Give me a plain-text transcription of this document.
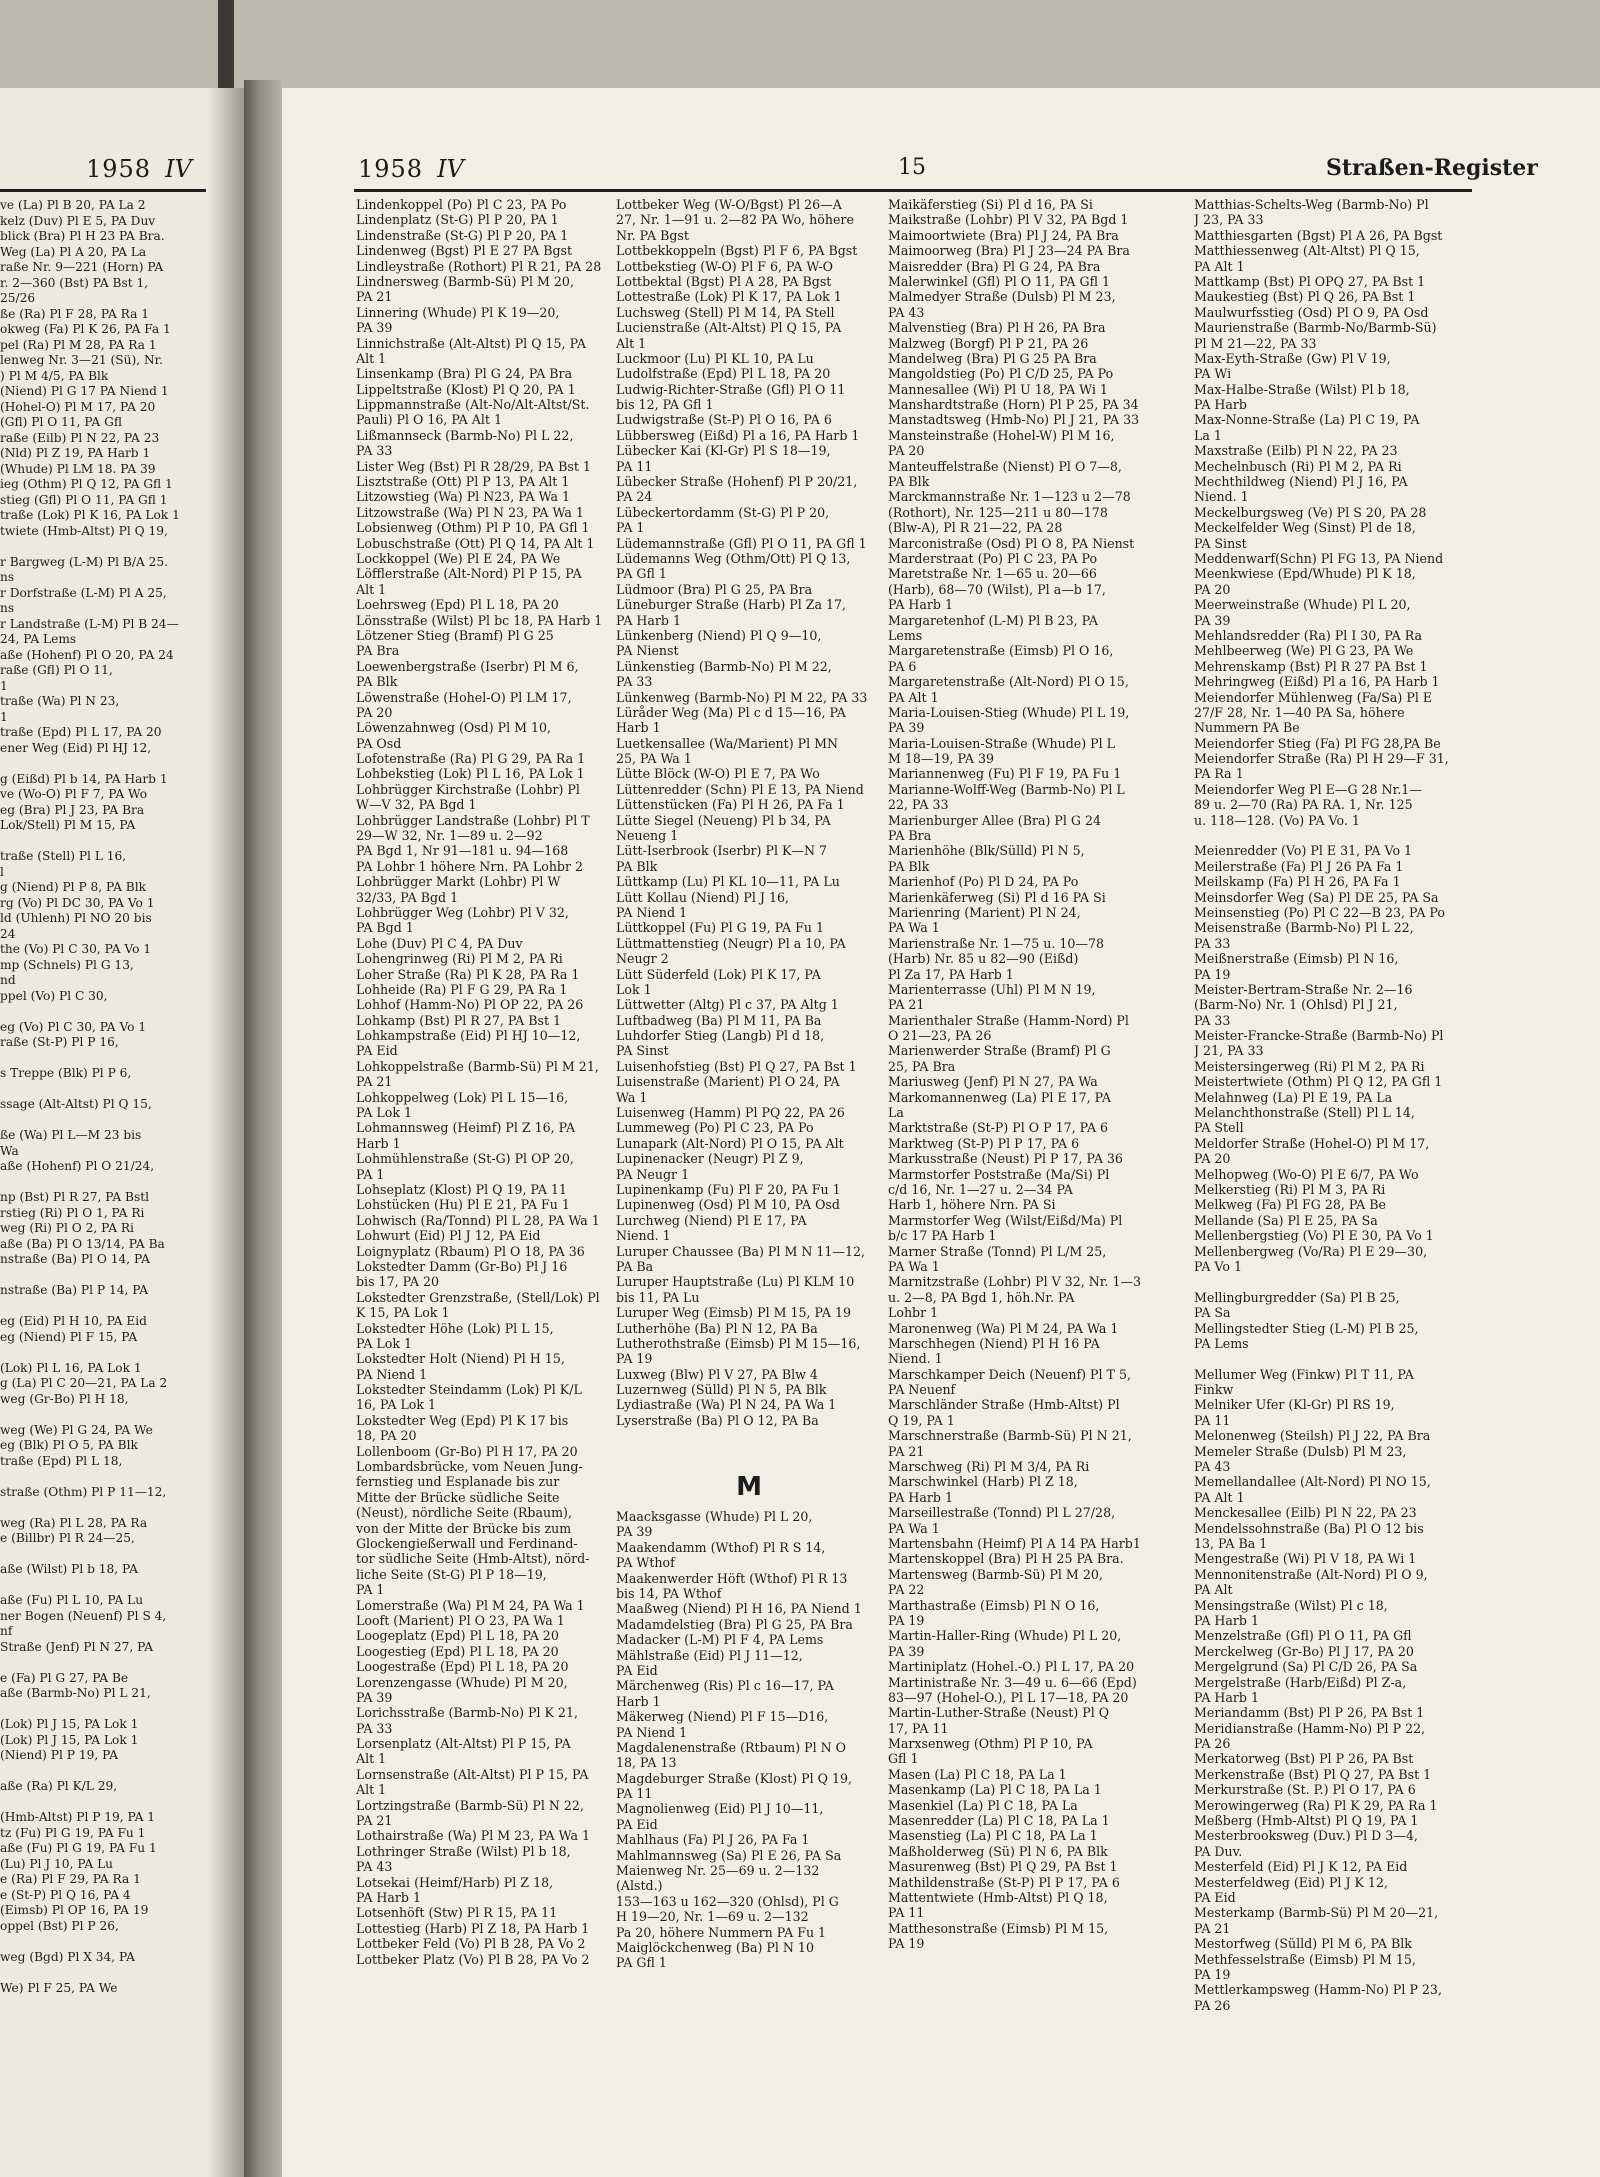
1958 IV
ve (La) Pl B 20, PA La 2
kelz (Duv) Pl E 5, PA Duv
blick (Bra) Pl H 23 PA Bra.
Weg (La) Pl A 20, PA La
raße Nr. 9—221 (Horn) PA
r. 2—360 (Bst) PA Bst 1,
25/26
ße (Ra) Pl F 28, PA Ra 1
okweg (Fa) Pl K 26, PA Fa 1
pel (Ra) Pl M 28, PA Ra 1
lenweg Nr. 3—21 (Sü), Nr.
) Pl M 4/5, PA Blk
(Niend) Pl G 17 PA Niend 1
(Hohel-O) Pl M 17, PA 20
(Gfl) Pl O 11, PA Gfl
raße (Eilb) Pl N 22, PA 23
(Nld) Pl Z 19, PA Harb 1
(Whude) Pl LM 18. PA 39
ieg (Othm) Pl Q 12, PA Gfl 1
stieg (Gfl) Pl O 11, PA Gfl 1
traße (Lok) Pl K 16, PA Lok 1
twiete (Hmb-Altst) Pl Q 19,

r Bargweg (L-M) Pl B/A 25.
ns
r Dorfstraße (L-M) Pl A 25,
ns
r Landstraße (L-M) Pl B 24—
24, PA Lems
aße (Hohenf) Pl O 20, PA 24
raße (Gfl) Pl O 11,
1
traße (Wa) Pl N 23,
1
traße (Epd) Pl L 17, PA 20
ener Weg (Eid) Pl HJ 12,

g (Eißd) Pl b 14, PA Harb 1
ve (Wo-O) Pl F 7, PA Wo
eg (Bra) Pl J 23, PA Bra
Lok/Stell) Pl M 15, PA

traße (Stell) Pl L 16,
l
g (Niend) Pl P 8, PA Blk
rg (Vo) Pl DC 30, PA Vo 1
ld (Uhlenh) Pl NO 20 bis
24
the (Vo) Pl C 30, PA Vo 1
mp (Schnels) Pl G 13,
nd
ppel (Vo) Pl C 30,

eg (Vo) Pl C 30, PA Vo 1
raße (St-P) Pl P 16,

s Treppe (Blk) Pl P 6,

ssage (Alt-Altst) Pl Q 15,

ße (Wa) Pl L—M 23 bis
Wa
aße (Hohenf) Pl O 21/24,

np (Bst) Pl R 27, PA Bstl
rstieg (Ri) Pl O 1, PA Ri
weg (Ri) Pl O 2, PA Ri
aße (Ba) Pl O 13/14, PA Ba
nstraße (Ba) Pl O 14, PA

nstraße (Ba) Pl P 14, PA

eg (Eid) Pl H 10, PA Eid
eg (Niend) Pl F 15, PA

(Lok) Pl L 16, PA Lok 1
g (La) Pl C 20—21, PA La 2
weg (Gr-Bo) Pl H 18,

weg (We) Pl G 24, PA We
eg (Blk) Pl O 5, PA Blk
traße (Epd) Pl L 18,

straße (Othm) Pl P 11—12,

weg (Ra) Pl L 28, PA Ra
e (Billbr) Pl R 24—25,

aße (Wilst) Pl b 18, PA

aße (Fu) Pl L 10, PA Lu
ner Bogen (Neuenf) Pl S 4,
nf
Straße (Jenf) Pl N 27, PA

e (Fa) Pl G 27, PA Be
aße (Barmb-No) Pl L 21,

(Lok) Pl J 15, PA Lok 1
(Lok) Pl J 15, PA Lok 1
(Niend) Pl P 19, PA

aße (Ra) Pl K/L 29,

(Hmb-Altst) Pl P 19, PA 1
tz (Fu) Pl G 19, PA Fu 1
aße (Fu) Pl G 19, PA Fu 1
(Lu) Pl J 10, PA Lu
e (Ra) Pl F 29, PA Ra 1
e (St-P) Pl Q 16, PA 4
(Eimsb) Pl OP 16, PA 19
oppel (Bst) Pl P 26,

weg (Bgd) Pl X 34, PA

We) Pl F 25, PA We
1958 IV	15	Straßen-Register
Lindenkoppel (Po) Pl C 23, PA Po
Lindenplatz (St-G) Pl P 20, PA 1
Lindenstraße (St-G) Pl P 20, PA 1
Lindenweg (Bgst) Pl E 27 PA Bgst
Lindleystraße (Rothort) Pl R 21, PA 28
Lindnersweg (Barmb-Sü) Pl M 20,
PA 21
Linnering (Whude) Pl K 19—20,
PA 39
Linnichstraße (Alt-Altst) Pl Q 15, PA
Alt 1
Linsenkamp (Bra) Pl G 24, PA Bra
Lippeltstraße (Klost) Pl Q 20, PA 1
Lippmannstraße (Alt-No/Alt-Altst/St.
Pauli) Pl O 16, PA Alt 1
Lißmannseck (Barmb-No) Pl L 22,
PA 33
Lister Weg (Bst) Pl R 28/29, PA Bst 1
Lisztstraße (Ott) Pl P 13, PA Alt 1
Litzowstieg (Wa) Pl N23, PA Wa 1
Litzowstraße (Wa) Pl N 23, PA Wa 1
Lobsienweg (Othm) Pl P 10, PA Gfl 1
Lobuschstraße (Ott) Pl Q 14, PA Alt 1
Lockkoppel (We) Pl E 24, PA We
Löfflerstraße (Alt-Nord) Pl P 15, PA
Alt 1
Loehrsweg (Epd) Pl L 18, PA 20
Lönsstraße (Wilst) Pl bc 18, PA Harb 1
Lötzener Stieg (Bramf) Pl G 25
PA Bra
Loewenbergstraße (Iserbr) Pl M 6,
PA Blk
Löwenstraße (Hohel-O) Pl LM 17,
PA 20
Löwenzahnweg (Osd) Pl M 10,
PA Osd
Lofotenstraße (Ra) Pl G 29, PA Ra 1
Lohbekstieg (Lok) Pl L 16, PA Lok 1
Lohbrügger Kirchstraße (Lohbr) Pl
W—V 32, PA Bgd 1
Lohbrügger Landstraße (Lohbr) Pl T
29—W 32, Nr. 1—89 u. 2—92
PA Bgd 1, Nr 91—181 u. 94—168
PA Lohbr 1 höhere Nrn. PA Lohbr 2
Lohbrügger Markt (Lohbr) Pl W
32/33, PA Bgd 1
Lohbrügger Weg (Lohbr) Pl V 32,
PA Bgd 1
Lohe (Duv) Pl C 4, PA Duv
Lohengrinweg (Ri) Pl M 2, PA Ri
Loher Straße (Ra) Pl K 28, PA Ra 1
Lohheide (Ra) Pl F G 29, PA Ra 1
Lohhof (Hamm-No) Pl OP 22, PA 26
Lohkamp (Bst) Pl R 27, PA Bst 1
Lohkampstraße (Eid) Pl HJ 10—12,
PA Eid
Lohkoppelstraße (Barmb-Sü) Pl M 21,
PA 21
Lohkoppelweg (Lok) Pl L 15—16,
PA Lok 1
Lohmannsweg (Heimf) Pl Z 16, PA
Harb 1
Lohmühlenstraße (St-G) Pl OP 20,
PA 1
Lohseplatz (Klost) Pl Q 19, PA 11
Lohstücken (Hu) Pl E 21, PA Fu 1
Lohwisch (Ra/Tonnd) Pl L 28, PA Wa 1
Lohwurt (Eid) Pl J 12, PA Eid
Loignyplatz (Rbaum) Pl O 18, PA 36
Lokstedter Damm (Gr-Bo) Pl J 16
bis 17, PA 20
Lokstedter Grenzstraße, (Stell/Lok) Pl
K 15, PA Lok 1
Lokstedter Höhe (Lok) Pl L 15,
PA Lok 1
Lokstedter Holt (Niend) Pl H 15,
PA Niend 1
Lokstedter Steindamm (Lok) Pl K/L
16, PA Lok 1
Lokstedter Weg (Epd) Pl K 17 bis
18, PA 20
Lollenboom (Gr-Bo) Pl H 17, PA 20
Lombardsbrücke, vom Neuen Jung-
fernstieg und Esplanade bis zur
Mitte der Brücke südliche Seite
(Neust), nördliche Seite (Rbaum),
von der Mitte der Brücke bis zum
Glockengießerwall und Ferdinand-
tor südliche Seite (Hmb-Altst), nörd-
liche Seite (St-G) Pl P 18—19,
PA 1
Lomerstraße (Wa) Pl M 24, PA Wa 1
Looft (Marient) Pl O 23, PA Wa 1
Loogeplatz (Epd) Pl L 18, PA 20
Loogestieg (Epd) Pl L 18, PA 20
Loogestraße (Epd) Pl L 18, PA 20
Lorenzengasse (Whude) Pl M 20,
PA 39
Lorichsstraße (Barmb-No) Pl K 21,
PA 33
Lorsenplatz (Alt-Altst) Pl P 15, PA
Alt 1
Lornsenstraße (Alt-Altst) Pl P 15, PA
Alt 1
Lortzingstraße (Barmb-Sü) Pl N 22,
PA 21
Lothairstraße (Wa) Pl M 23, PA Wa 1
Lothringer Straße (Wilst) Pl b 18,
PA 43
Lotsekai (Heimf/Harb) Pl Z 18,
PA Harb 1
Lotsenhöft (Stw) Pl R 15, PA 11
Lottestieg (Harb) Pl Z 18, PA Harb 1
Lottbeker Feld (Vo) Pl B 28, PA Vo 2
Lottbeker Platz (Vo) Pl B 28, PA Vo 2
Lottbeker Weg (W-O/Bgst) Pl 26—A
27, Nr. 1—91 u. 2—82 PA Wo, höhere
Nr. PA Bgst
Lottbekkoppeln (Bgst) Pl F 6, PA Bgst
Lottbekstieg (W-O) Pl F 6, PA W-O
Lottbektal (Bgst) Pl A 28, PA Bgst
Lottestraße (Lok) Pl K 17, PA Lok 1
Luchsweg (Stell) Pl M 14, PA Stell
Lucienstraße (Alt-Altst) Pl Q 15, PA
Alt 1
Luckmoor (Lu) Pl KL 10, PA Lu
Ludolfstraße (Epd) Pl L 18, PA 20
Ludwig-Richter-Straße (Gfl) Pl O 11
bis 12, PA Gfl 1
Ludwigstraße (St-P) Pl O 16, PA 6
Lübbersweg (Eißd) Pl a 16, PA Harb 1
Lübecker Kai (Kl-Gr) Pl S 18—19,
PA 11
Lübecker Straße (Hohenf) Pl P 20/21,
PA 24
Lübeckertordamm (St-G) Pl P 20,
PA 1
Lüdemannstraße (Gfl) Pl O 11, PA Gfl 1
Lüdemanns Weg (Othm/Ott) Pl Q 13,
PA Gfl 1
Lüdmoor (Bra) Pl G 25, PA Bra
Lüneburger Straße (Harb) Pl Za 17,
PA Harb 1
Lünkenberg (Niend) Pl Q 9—10,
PA Nienst
Lünkenstieg (Barmb-No) Pl M 22,
PA 33
Lünkenweg (Barmb-No) Pl M 22, PA 33
Lüråder Weg (Ma) Pl c d 15—16, PA
Harb 1
Luetkensallee (Wa/Marient) Pl MN
25, PA Wa 1
Lütte Blöck (W-O) Pl E 7, PA Wo
Lüttenredder (Schn) Pl E 13, PA Niend
Lüttenstücken (Fa) Pl H 26, PA Fa 1
Lütte Siegel (Neueng) Pl b 34, PA
Neueng 1
Lütt-Iserbrook (Iserbr) Pl K—N 7
PA Blk
Lüttkamp (Lu) Pl KL 10—11, PA Lu
Lütt Kollau (Niend) Pl J 16,
PA Niend 1
Lüttkoppel (Fu) Pl G 19, PA Fu 1
Lüttmattenstieg (Neugr) Pl a 10, PA
Neugr 2
Lütt Süderfeld (Lok) Pl K 17, PA
Lok 1
Lüttwetter (Altg) Pl c 37, PA Altg 1
Luftbadweg (Ba) Pl M 11, PA Ba
Luhdorfer Stieg (Langb) Pl d 18,
PA Sinst
Luisenhofstieg (Bst) Pl Q 27, PA Bst 1
Luisenstraße (Marient) Pl O 24, PA
Wa 1
Luisenweg (Hamm) Pl PQ 22, PA 26
Lummeweg (Po) Pl C 23, PA Po
Lunapark (Alt-Nord) Pl O 15, PA Alt
Lupinenacker (Neugr) Pl Z 9,
PA Neugr 1
Lupinenkamp (Fu) Pl F 20, PA Fu 1
Lupinenweg (Osd) Pl M 10, PA Osd
Lurchweg (Niend) Pl E 17, PA
Niend. 1
Luruper Chaussee (Ba) Pl M N 11—12,
PA Ba
Luruper Hauptstraße (Lu) Pl KLM 10
bis 11, PA Lu
Luruper Weg (Eimsb) Pl M 15, PA 19
Lutherhöhe (Ba) Pl N 12, PA Ba
Lutherothstraße (Eimsb) Pl M 15—16,
PA 19
Luxweg (Blw) Pl V 27, PA Blw 4
Luzernweg (Sülld) Pl N 5, PA Blk
Lydiastraße (Wa) Pl N 24, PA Wa 1
Lyserstraße (Ba) Pl O 12, PA Ba

M
Maacksgasse (Whude) Pl L 20,
PA 39
Maakendamm (Wthof) Pl R S 14,
PA Wthof
Maakenwerder Höft (Wthof) Pl R 13
bis 14, PA Wthof
Maaßweg (Niend) Pl H 16, PA Niend 1
Madamdelstieg (Bra) Pl G 25, PA Bra
Madacker (L-M) Pl F 4, PA Lems
Mählstraße (Eid) Pl J 11—12,
PA Eid
Märchenweg (Ris) Pl c 16—17, PA
Harb 1
Mäkerweg (Niend) Pl F 15—D16,
PA Niend 1
Magdalenenstraße (Rtbaum) Pl N O
18, PA 13
Magdeburger Straße (Klost) Pl Q 19,
PA 11
Magnolienweg (Eid) Pl J 10—11,
PA Eid
Mahlhaus (Fa) Pl J 26, PA Fa 1
Mahlmannsweg (Sa) Pl E 26, PA Sa
Maienweg Nr. 25—69 u. 2—132
(Alstd.)
153—163 u 162—320 (Ohlsd), Pl G
H 19—20, Nr. 1—69 u. 2—132
Pa 20, höhere Nummern PA Fu 1
Maiglöckchenweg (Ba) Pl N 10
PA Gfl 1
Maikäferstieg (Si) Pl d 16, PA Si
Maikstraße (Lohbr) Pl V 32, PA Bgd 1
Maimoortwiete (Bra) Pl J 24, PA Bra
Maimoorweg (Bra) Pl J 23—24 PA Bra
Maisredder (Bra) Pl G 24, PA Bra
Malerwinkel (Gfl) Pl O 11, PA Gfl 1
Malmedyer Straße (Dulsb) Pl M 23,
PA 43
Malvenstieg (Bra) Pl H 26, PA Bra
Malzweg (Borgf) Pl P 21, PA 26
Mandelweg (Bra) Pl G 25 PA Bra
Mangoldstieg (Po) Pl C/D 25, PA Po
Mannesallee (Wi) Pl U 18, PA Wi 1
Manshardtstraße (Horn) Pl P 25, PA 34
Manstadtsweg (Hmb-No) Pl J 21, PA 33
Mansteinstraße (Hohel-W) Pl M 16,
PA 20
Manteuffelstraße (Nienst) Pl O 7—8,
PA Blk
Marckmannstraße Nr. 1—123 u 2—78
(Rothort), Nr. 125—211 u 80—178
(Blw-A), Pl R 21—22, PA 28
Marconistraße (Osd) Pl O 8, PA Nienst
Marderstraat (Po) Pl C 23, PA Po
Maretstraße Nr. 1—65 u. 20—66
(Harb), 68—70 (Wilst), Pl a—b 17,
PA Harb 1
Margaretenhof (L-M) Pl B 23, PA
Lems
Margaretenstraße (Eimsb) Pl O 16,
PA 6
Margaretenstraße (Alt-Nord) Pl O 15,
PA Alt 1
Maria-Louisen-Stieg (Whude) Pl L 19,
PA 39
Maria-Louisen-Straße (Whude) Pl L
M 18—19, PA 39
Mariannenweg (Fu) Pl F 19, PA Fu 1
Marianne-Wolff-Weg (Barmb-No) Pl L
22, PA 33
Marienburger Allee (Bra) Pl G 24
PA Bra
Marienhöhe (Blk/Sülld) Pl N 5,
PA Blk
Marienhof (Po) Pl D 24, PA Po
Marienkäferweg (Si) Pl d 16 PA Si
Marienring (Marient) Pl N 24,
PA Wa 1
Marienstraße Nr. 1—75 u. 10—78
(Harb) Nr. 85 u 82—90 (Eißd)
Pl Za 17, PA Harb 1
Marienterrasse (Uhl) Pl M N 19,
PA 21
Marienthaler Straße (Hamm-Nord) Pl
O 21—23, PA 26
Marienwerder Straße (Bramf) Pl G
25, PA Bra
Mariusweg (Jenf) Pl N 27, PA Wa
Markomannenweg (La) Pl E 17, PA
La
Marktstraße (St-P) Pl O P 17, PA 6
Marktweg (St-P) Pl P 17, PA 6
Markusstraße (Neust) Pl P 17, PA 36
Marmstorfer Poststraße (Ma/Si) Pl
c/d 16, Nr. 1—27 u. 2—34 PA
Harb 1, höhere Nrn. PA Si
Marmstorfer Weg (Wilst/Eißd/Ma) Pl
b/c 17 PA Harb 1
Marner Straße (Tonnd) Pl L/M 25,
PA Wa 1
Marnitzstraße (Lohbr) Pl V 32, Nr. 1—3
u. 2—8, PA Bgd 1, höh.Nr. PA
Lohbr 1
Maronenweg (Wa) Pl M 24, PA Wa 1
Marschhegen (Niend) Pl H 16 PA
Niend. 1
Marschkamper Deich (Neuenf) Pl T 5,
PA Neuenf
Marschländer Straße (Hmb-Altst) Pl
Q 19, PA 1
Marschnerstraße (Barmb-Sü) Pl N 21,
PA 21
Marschweg (Ri) Pl M 3/4, PA Ri
Marschwinkel (Harb) Pl Z 18,
PA Harb 1
Marseillestraße (Tonnd) Pl L 27/28,
PA Wa 1
Martensbahn (Heimf) Pl A 14 PA Harb1
Martenskoppel (Bra) Pl H 25 PA Bra.
Martensweg (Barmb-Sü) Pl M 20,
PA 22
Marthastraße (Eimsb) Pl N O 16,
PA 19
Martin-Haller-Ring (Whude) Pl L 20,
PA 39
Martiniplatz (Hohel.-O.) Pl L 17, PA 20
Martinistraße Nr. 3—49 u. 6—66 (Epd)
83—97 (Hohel-O.), Pl L 17—18, PA 20
Martin-Luther-Straße (Neust) Pl Q
17, PA 11
Marxsenweg (Othm) Pl P 10, PA
Gfl 1
Masen (La) Pl C 18, PA La 1
Masenkamp (La) Pl C 18, PA La 1
Masenkiel (La) Pl C 18, PA La
Masenredder (La) Pl C 18, PA La 1
Masenstieg (La) Pl C 18, PA La 1
Maßholderweg (Sü) Pl N 6, PA Blk
Masurenweg (Bst) Pl Q 29, PA Bst 1
Mathildenstraße (St-P) Pl P 17, PA 6
Mattentwiete (Hmb-Altst) Pl Q 18,
PA 11
Matthesonstraße (Eimsb) Pl M 15,
PA 19
Matthias-Schelts-Weg (Barmb-No) Pl
J 23, PA 33
Matthiesgarten (Bgst) Pl A 26, PA Bgst
Matthiessenweg (Alt-Altst) Pl Q 15,
PA Alt 1
Mattkamp (Bst) Pl OPQ 27, PA Bst 1
Maukestieg (Bst) Pl Q 26, PA Bst 1
Maulwurfsstieg (Osd) Pl O 9, PA Osd
Maurienstraße (Barmb-No/Barmb-Sü)
Pl M 21—22, PA 33
Max-Eyth-Straße (Gw) Pl V 19,
PA Wi
Max-Halbe-Straße (Wilst) Pl b 18,
PA Harb
Max-Nonne-Straße (La) Pl C 19, PA
La 1
Maxstraße (Eilb) Pl N 22, PA 23
Mechelnbusch (Ri) Pl M 2, PA Ri
Mechthildweg (Niend) Pl J 16, PA
Niend. 1
Meckelburgsweg (Ve) Pl S 20, PA 28
Meckelfelder Weg (Sinst) Pl de 18,
PA Sinst
Meddenwarf(Schn) Pl FG 13, PA Niend
Meenkwiese (Epd/Whude) Pl K 18,
PA 20
Meerweinstraße (Whude) Pl L 20,
PA 39
Mehlandsredder (Ra) Pl I 30, PA Ra
Mehlbeerweg (We) Pl G 23, PA We
Mehrenskamp (Bst) Pl R 27 PA Bst 1
Mehringweg (Eißd) Pl a 16, PA Harb 1
Meiendorfer Mühlenweg (Fa/Sa) Pl E
27/F 28, Nr. 1—40 PA Sa, höhere
Nummern PA Be
Meiendorfer Stieg (Fa) Pl FG 28,PA Be
Meiendorfer Straße (Ra) Pl H 29—F 31,
PA Ra 1
Meiendorfer Weg Pl E—G 28 Nr.1—
89 u. 2—70 (Ra) PA RA. 1, Nr. 125
u. 118—128. (Vo) PA Vo. 1

Meienredder (Vo) Pl E 31, PA Vo 1
Meilerstraße (Fa) Pl J 26 PA Fa 1
Meilskamp (Fa) Pl H 26, PA Fa 1
Meinsdorfer Weg (Sa) Pl DE 25, PA Sa
Meinsenstieg (Po) Pl C 22—B 23, PA Po
Meisenstraße (Barmb-No) Pl L 22,
PA 33
Meißnerstraße (Eimsb) Pl N 16,
PA 19
Meister-Bertram-Straße Nr. 2—16
(Barm-No) Nr. 1 (Ohlsd) Pl J 21,
PA 33
Meister-Francke-Straße (Barmb-No) Pl
J 21, PA 33
Meistersingerweg (Ri) Pl M 2, PA Ri
Meistertwiete (Othm) Pl Q 12, PA Gfl 1
Melahnweg (La) Pl E 19, PA La
Melanchthonstraße (Stell) Pl L 14,
PA Stell
Meldorfer Straße (Hohel-O) Pl M 17,
PA 20
Melhopweg (Wo-O) Pl E 6/7, PA Wo
Melkerstieg (Ri) Pl M 3, PA Ri
Melkweg (Fa) Pl FG 28, PA Be
Mellande (Sa) Pl E 25, PA Sa
Mellenbergstieg (Vo) Pl E 30, PA Vo 1
Mellenbergweg (Vo/Ra) Pl E 29—30,
PA Vo 1

Mellingburgredder (Sa) Pl B 25,
PA Sa
Mellingstedter Stieg (L-M) Pl B 25,
PA Lems

Mellumer Weg (Finkw) Pl T 11, PA
Finkw
Melniker Ufer (Kl-Gr) Pl RS 19,
PA 11
Melonenweg (Steilsh) Pl J 22, PA Bra
Memeler Straße (Dulsb) Pl M 23,
PA 43
Memellandallee (Alt-Nord) Pl NO 15,
PA Alt 1
Menckesallee (Eilb) Pl N 22, PA 23
Mendelssohnstraße (Ba) Pl O 12 bis
13, PA Ba 1
Mengestraße (Wi) Pl V 18, PA Wi 1
Mennonitenstraße (Alt-Nord) Pl O 9,
PA Alt
Mensingstraße (Wilst) Pl c 18,
PA Harb 1
Menzelstraße (Gfl) Pl O 11, PA Gfl
Merckelweg (Gr-Bo) Pl J 17, PA 20
Mergelgrund (Sa) Pl C/D 26, PA Sa
Mergelstraße (Harb/Eißd) Pl Z-a,
PA Harb 1
Meriandamm (Bst) Pl P 26, PA Bst 1
Meridianstraße (Hamm-No) Pl P 22,
PA 26
Merkatorweg (Bst) Pl P 26, PA Bst
Merkenstraße (Bst) Pl Q 27, PA Bst 1
Merkurstraße (St. P.) Pl O 17, PA 6
Merowingerweg (Ra) Pl K 29, PA Ra 1
Meßberg (Hmb-Altst) Pl Q 19, PA 1
Mesterbrooksweg (Duv.) Pl D 3—4,
PA Duv.
Mesterfeld (Eid) Pl J K 12, PA Eid
Mesterfeldweg (Eid) Pl J K 12,
PA Eid
Mesterkamp (Barmb-Sü) Pl M 20—21,
PA 21
Mestorfweg (Sülld) Pl M 6, PA Blk
Methfesselstraße (Eimsb) Pl M 15,
PA 19
Mettlerkampsweg (Hamm-No) Pl P 23,
PA 26
